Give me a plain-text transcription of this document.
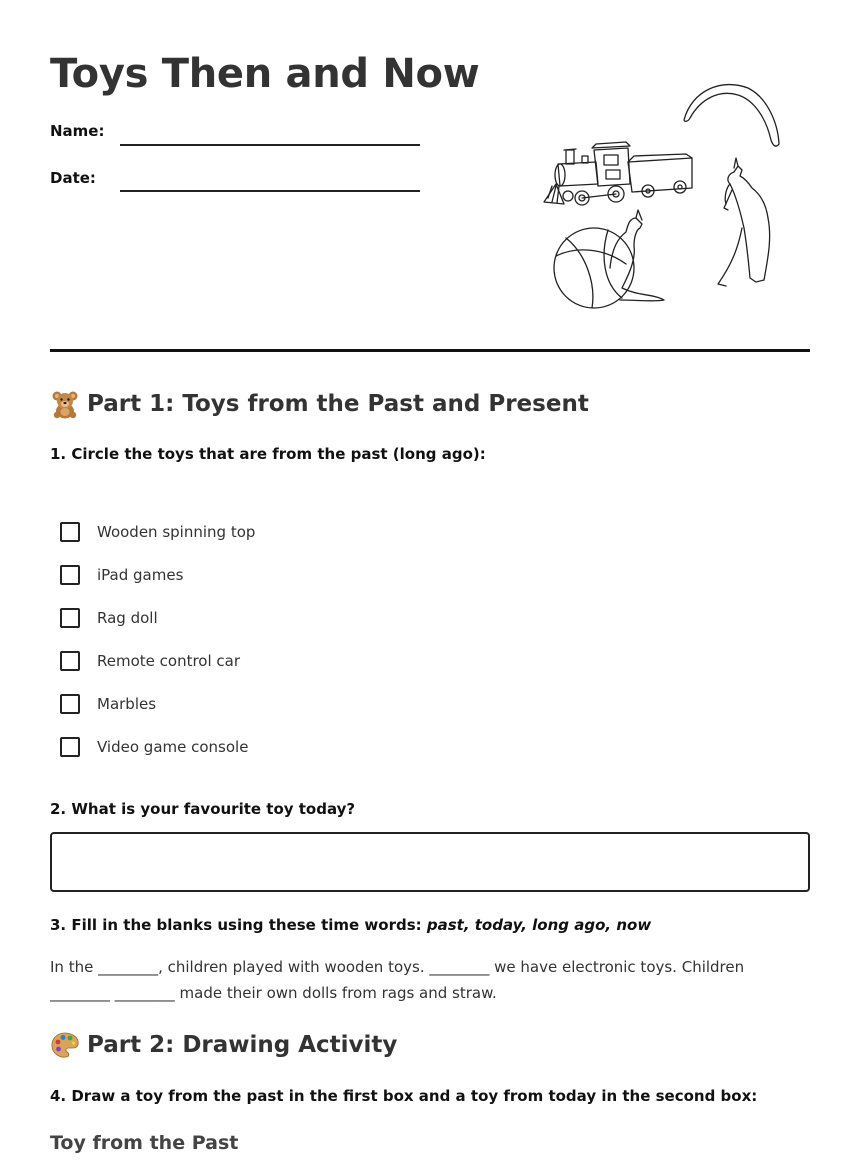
Toys Then and Now
Name:
Date:
Part 1: Toys from the Past and Present
1. Circle the toys that are from the past (long ago):
Wooden spinning top
iPad games
Rag doll
Remote control car
Marbles
Video game console
2. What is your favourite toy today?
3. Fill in the blanks using these time words: past, today, long ago, now

In the ________, children played with wooden toys. ________ we have electronic toys. Children ________ ________ made their own dolls from rags and straw.

Part 2: Drawing Activity
4. Draw a toy from the past in the first box and a toy from today in the second box:
Toy from the Past
